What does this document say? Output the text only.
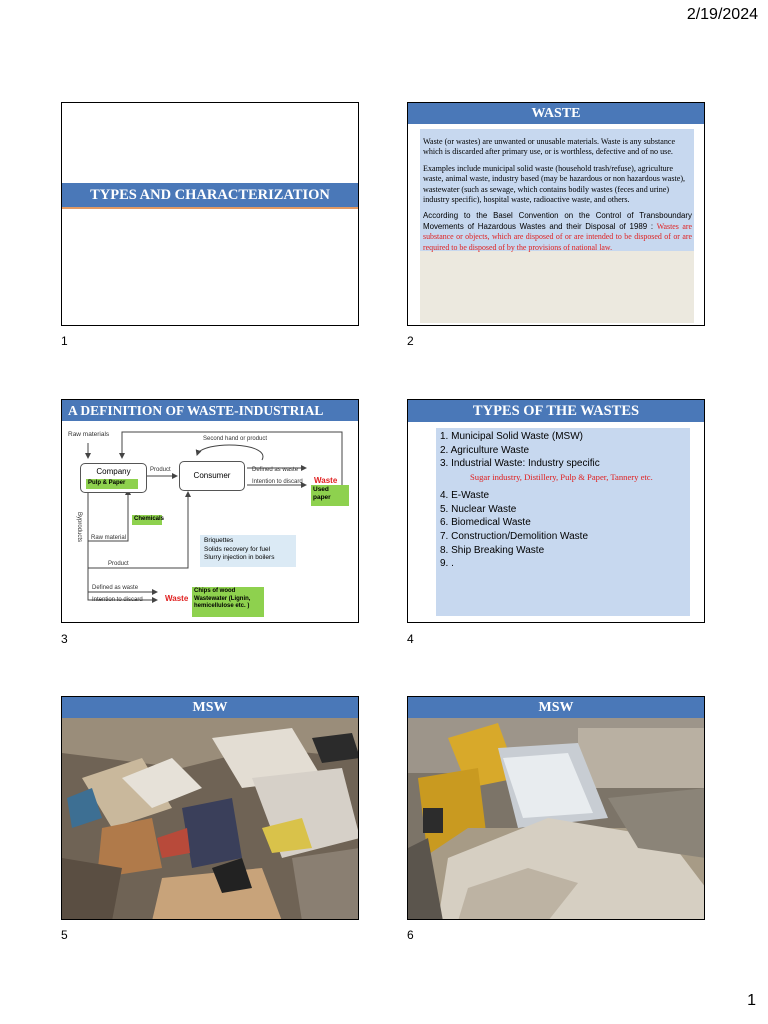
2/19/2024
TYPES AND CHARACTERIZATION
1
WASTE

Waste (or wastes) are unwanted or unusable materials. Waste is any substance which is discarded after primary use, or is worthless, defective and of no use.

Examples include municipal solid waste (household trash/refuse), agriculture waste, animal waste, industry based (may be hazardous or non hazardous waste), wastewater (such as sewage, which contains bodily wastes (feces and urine) industry specific), hospital waste, radioactive waste, and others.

According to the Basel Convention on the Control of Transboundary Movements of Hazardous Wastes and their Disposal of 1989 : Wastes are substance or objects, which are disposed of or are intended to be disposed of or are required to be disposed of by the provisions of national law.

2
A DEFINITION OF WASTE-INDUSTRIAL
Raw materials
Second hand or product
Company
Pulp & Paper
Product
Consumer
Defined as waste
Intention to discard Waste
Used paper
Byproducts	Chemicals
Raw material
Product
Briquettes
Solids recovery for fuel
Slurry injection in boilers
Defined as waste
Intention to discard	Waste
Chips of wood
Wastewater (Lignin, hemicellulose etc. )
3
TYPES OF THE WASTES
1. Municipal Solid Waste (MSW)
2. Agriculture Waste
3. Industrial Waste: Industry specific
Sugar industry, Distillery, Pulp & Paper, Tannery etc.
4. E-Waste
5. Nuclear Waste
6. Biomedical Waste
7. Construction/Demolition Waste
8. Ship Breaking Waste
9. .
4
MSW
5
MSW
6
1
